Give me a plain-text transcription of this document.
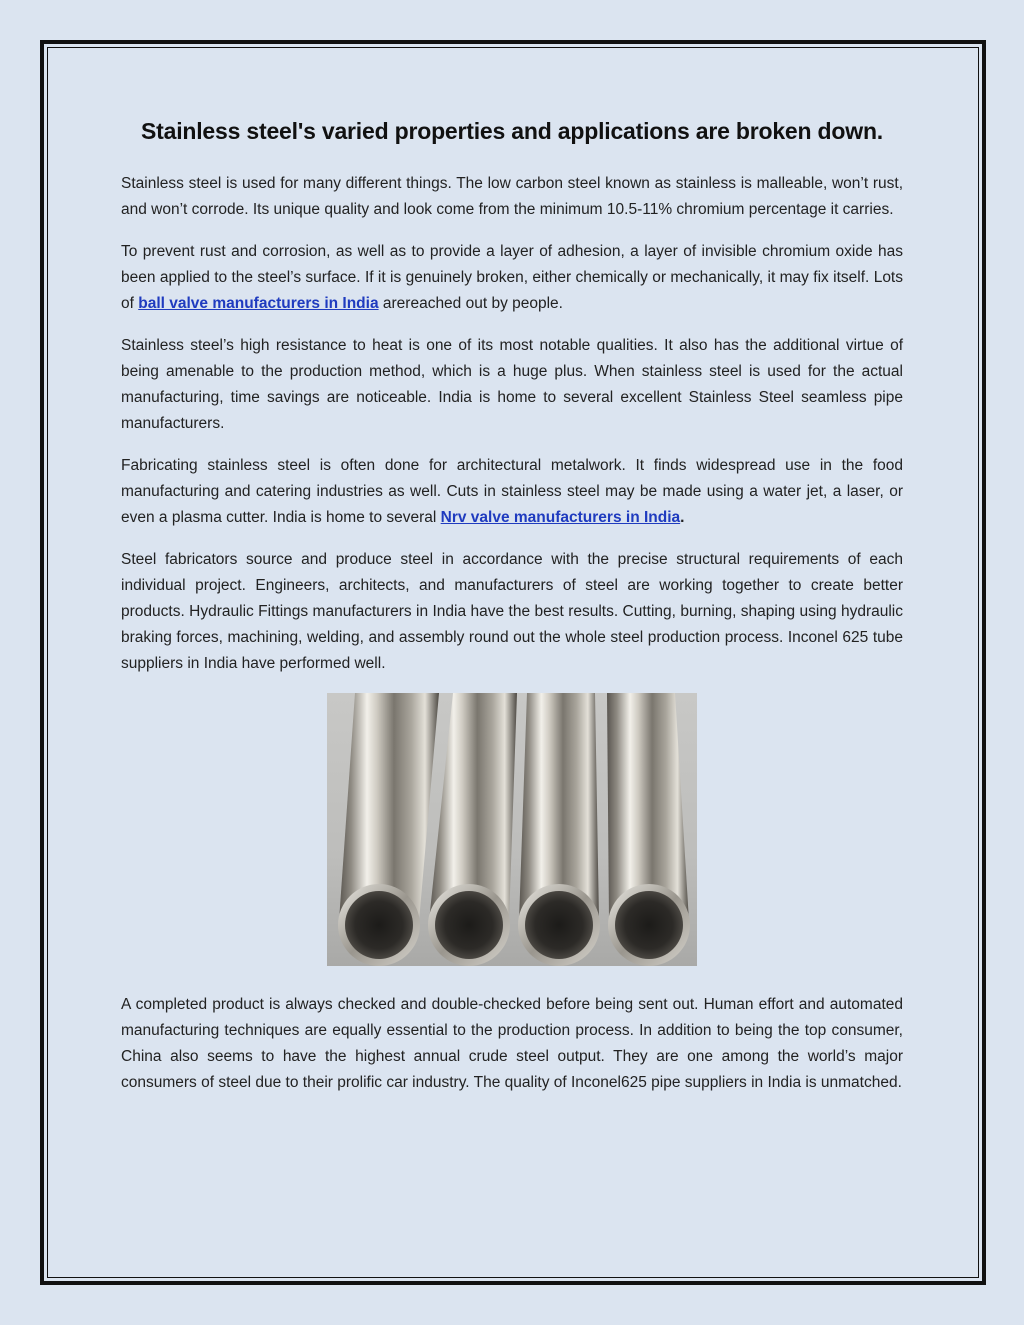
Stainless steel's varied properties and applications are broken down.

Stainless steel is used for many different things. The low carbon steel known as stainless is malleable, won’t rust, and won’t corrode. Its unique quality and look come from the minimum 10.5-11% chromium percentage it carries.

To prevent rust and corrosion, as well as to provide a layer of adhesion, a layer of invisible chromium oxide has been applied to the steel’s surface. If it is genuinely broken, either chemically or mechanically, it may fix itself. Lots of ball valve manufacturers in India arereached out by people.

Stainless steel’s high resistance to heat is one of its most notable qualities. It also has the additional virtue of being amenable to the production method, which is a huge plus. When stainless steel is used for the actual manufacturing, time savings are noticeable. India is home to several excellent Stainless Steel seamless pipe manufacturers.

Fabricating stainless steel is often done for architectural metalwork. It finds widespread use in the food manufacturing and catering industries as well. Cuts in stainless steel may be made using a water jet, a laser, or even a plasma cutter. India is home to several Nrv valve manufacturers in India.

Steel fabricators source and produce steel in accordance with the precise structural requirements of each individual project. Engineers, architects, and manufacturers of steel are working together to create better products. Hydraulic Fittings manufacturers in India have the best results. Cutting, burning, shaping using hydraulic braking forces, machining, welding, and assembly round out the whole steel production process. Inconel 625 tube suppliers in India have performed well.

A completed product is always checked and double-checked before being sent out. Human effort and automated manufacturing techniques are equally essential to the production process. In addition to being the top consumer, China also seems to have the highest annual crude steel output. They are one among the world’s major consumers of steel due to their prolific car industry. The quality of Inconel625 pipe suppliers in India is unmatched.
